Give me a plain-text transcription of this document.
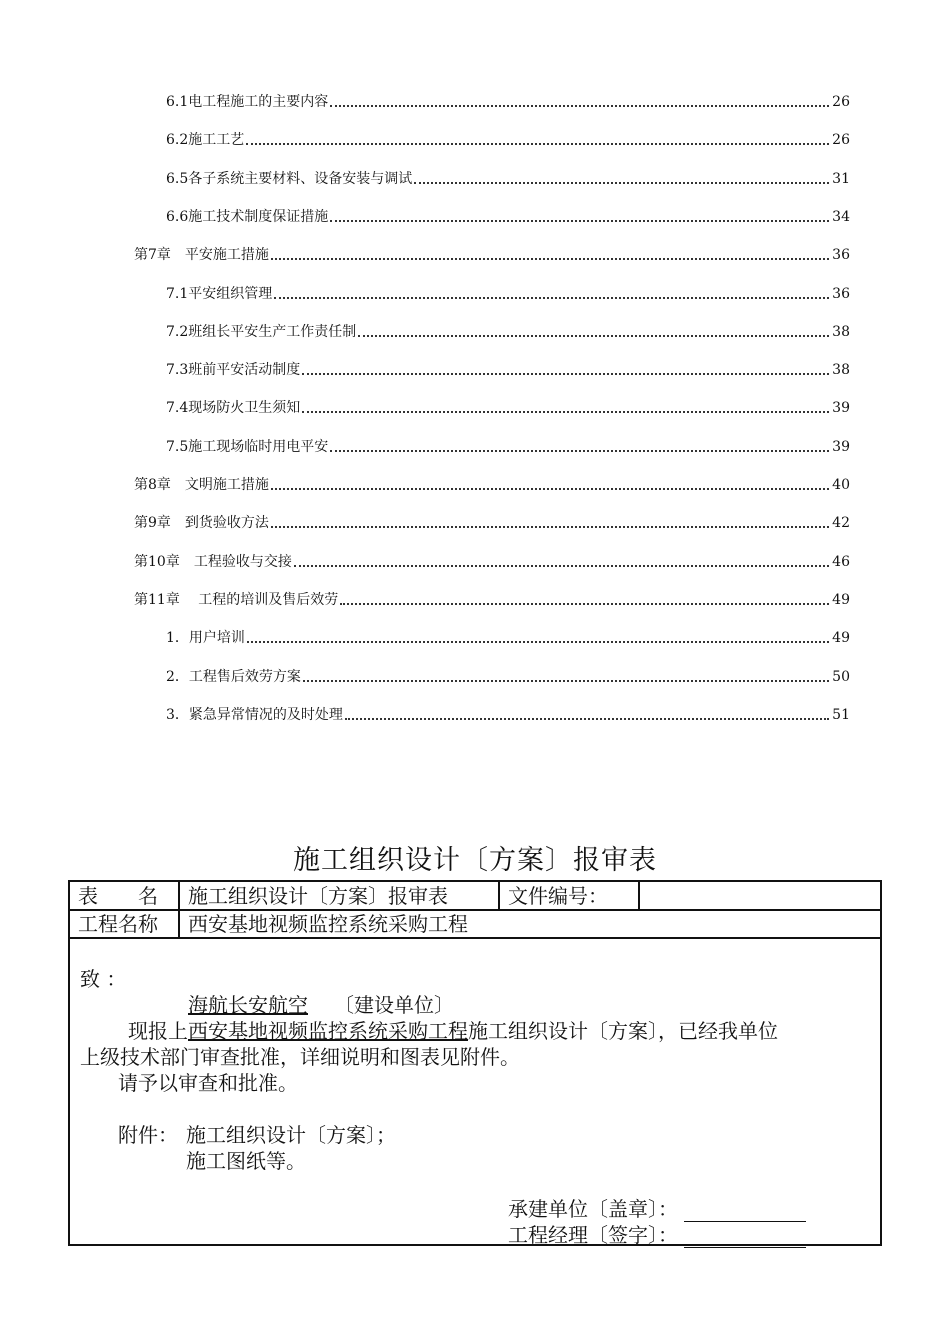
6.1电工程施工的主要内容	26
6.2施工工艺	26
6.5各子系统主要材料、设备安装与调试	31
6.6施工技术制度保证措施	34
第7章　平安施工措施	36
7.1平安组织管理	36
7.2班组长平安生产工作责任制	38
7.3班前平安活动制度	38
7.4现场防火卫生须知	39
7.5施工现场临时用电平安	39
第8章　文明施工措施	40
第9章　到货验收方法	42
第10章　工程验收与交接	46
第11章　 工程的培训及售后效劳	49
1．用户培训	49
2．工程售后效劳方案	50
3．紧急异常情况的及时处理	51
施工组织设计〔方案〕报审表
表　　名 施工组织设计〔方案〕报审表	文件编号：
工程名称 西安基地视频监控系统采购工程
致 ：
海航长安航空 〔建设单位〕
现报上西安基地视频监控系统采购工程施工组织设计〔方案〕，已经我单位
上级技术部门审查批准，详细说明和图表见附件。
请予以审查和批准。
附件： 施工组织设计〔方案〕；
施工图纸等。
承建单位〔盖章〕：
工程经理〔签字〕：
